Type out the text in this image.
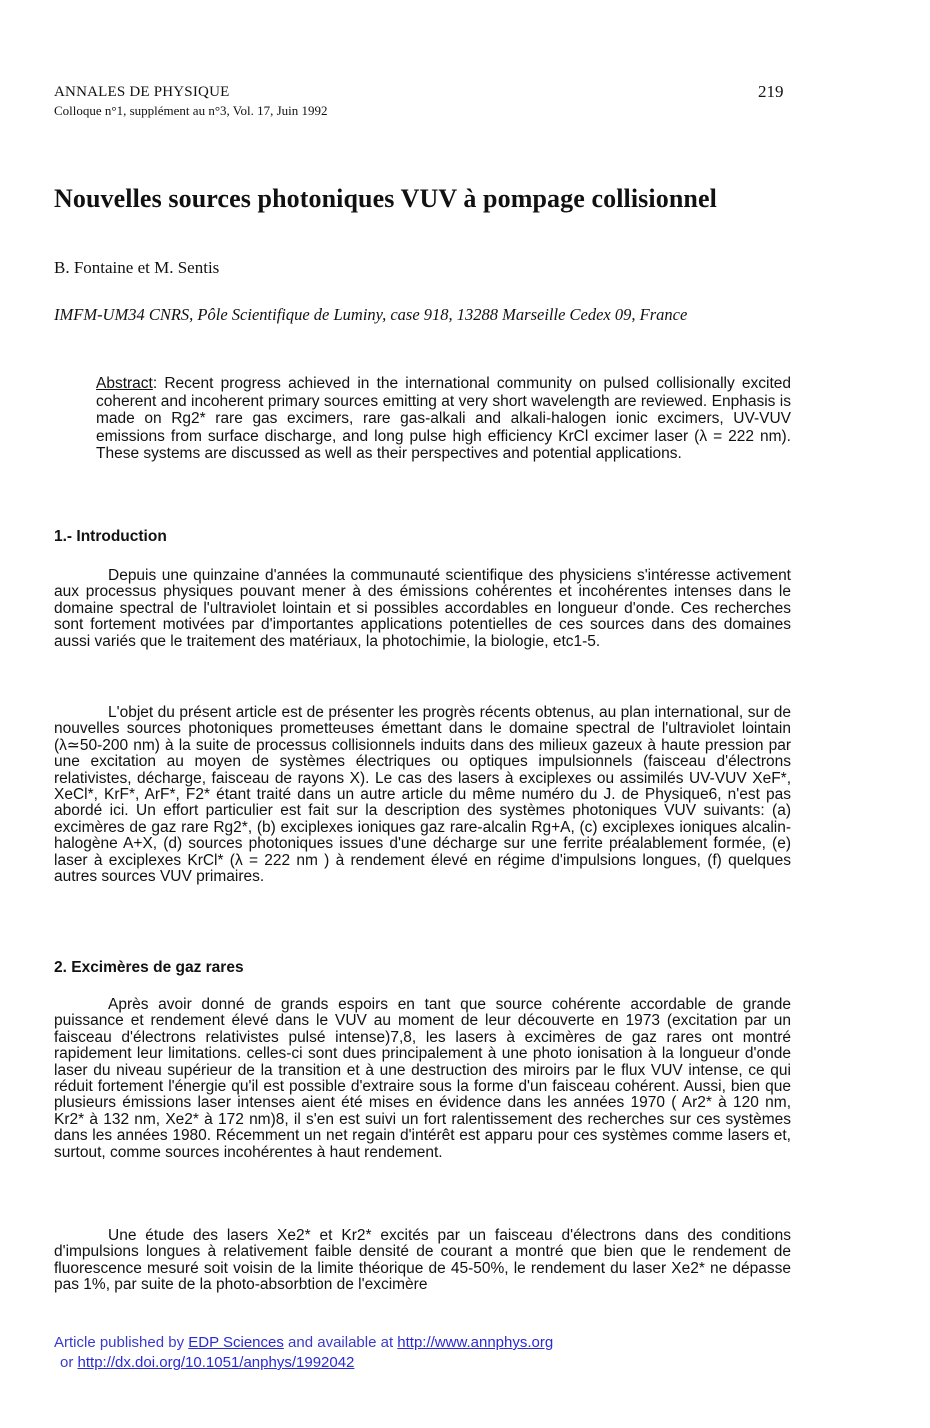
ANNALES DE PHYSIQUE
Colloque n°1, supplément au n°3, Vol. 17, Juin 1992
219
Nouvelles sources photoniques VUV à pompage collisionnel
B. Fontaine et M. Sentis
IMFM-UM34 CNRS, Pôle Scientifique de Luminy, case 918, 13288 Marseille Cedex 09, France

Abstract: Recent progress achieved in the international community on pulsed collisionally excited coherent and incoherent primary sources emitting at very short wavelength are reviewed. Enphasis is made on Rg2* rare gas excimers, rare gas-alkali and alkali-halogen ionic excimers, UV-VUV emissions from surface discharge, and long pulse high efficiency KrCl excimer laser (λ = 222 nm). These systems are discussed as well as their perspectives and potential applications.

1.- Introduction

Depuis une quinzaine d'années la communauté scientifique des physiciens s'intéresse activement aux processus physiques pouvant mener à des émissions cohérentes et incohérentes intenses dans le domaine spectral de l'ultraviolet lointain et si possibles accordables en longueur d'onde. Ces recherches sont fortement motivées par d'importantes applications potentielles de ces sources dans des domaines aussi variés que le traitement des matériaux, la photochimie, la biologie, etc1-5.

L'objet du présent article est de présenter les progrès récents obtenus, au plan international, sur de nouvelles sources photoniques prometteuses émettant dans le domaine spectral de l'ultraviolet lointain (λ≃50-200 nm) à la suite de processus collisionnels induits dans des milieux gazeux à haute pression par une excitation au moyen de systèmes électriques ou optiques impulsionnels (faisceau d'électrons relativistes, décharge, faisceau de rayons X). Le cas des lasers à exciplexes ou assimilés UV-VUV XeF*, XeCl*, KrF*, ArF*, F2* étant traité dans un autre article du même numéro du J. de Physique6, n'est pas abordé ici. Un effort particulier est fait sur la description des systèmes photoniques VUV suivants: (a) excimères de gaz rare Rg2*, (b) exciplexes ioniques gaz rare-alcalin Rg+A, (c) exciplexes ioniques alcalin-halogène A+X, (d) sources photoniques issues d'une décharge sur une ferrite préalablement formée, (e) laser à exciplexes KrCl* (λ = 222 nm ) à rendement élevé en régime d'impulsions longues, (f) quelques autres sources VUV primaires.

2. Excimères de gaz rares

Après avoir donné de grands espoirs en tant que source cohérente accordable de grande puissance et rendement élevé dans le VUV au moment de leur découverte en 1973 (excitation par un faisceau d'électrons relativistes pulsé intense)7,8, les lasers à excimères de gaz rares ont montré rapidement leur limitations. celles-ci sont dues principalement à une photo ionisation à la longueur d'onde laser du niveau supérieur de la transition et à une destruction des miroirs par le flux VUV intense, ce qui réduit fortement l'énergie qu'il est possible d'extraire sous la forme d'un faisceau cohérent. Aussi, bien que plusieurs émissions laser intenses aient été mises en évidence dans les années 1970 ( Ar2* à 120 nm, Kr2* à 132 nm, Xe2* à 172 nm)8, il s'en est suivi un fort ralentissement des recherches sur ces systèmes dans les années 1980. Récemment un net regain d'intérêt est apparu pour ces systèmes comme lasers et, surtout, comme sources incohérentes à haut rendement.

Une étude des lasers Xe2* et Kr2* excités par un faisceau d'électrons dans des conditions d'impulsions longues à relativement faible densité de courant a montré que bien que le rendement de fluorescence mesuré soit voisin de la limite théorique de 45-50%, le rendement du laser Xe2* ne dépasse pas 1%, par suite de la photo-absorbtion de l'excimère

Article published by EDP Sciences and available at http://www.annphys.org
or http://dx.doi.org/10.1051/anphys/1992042
